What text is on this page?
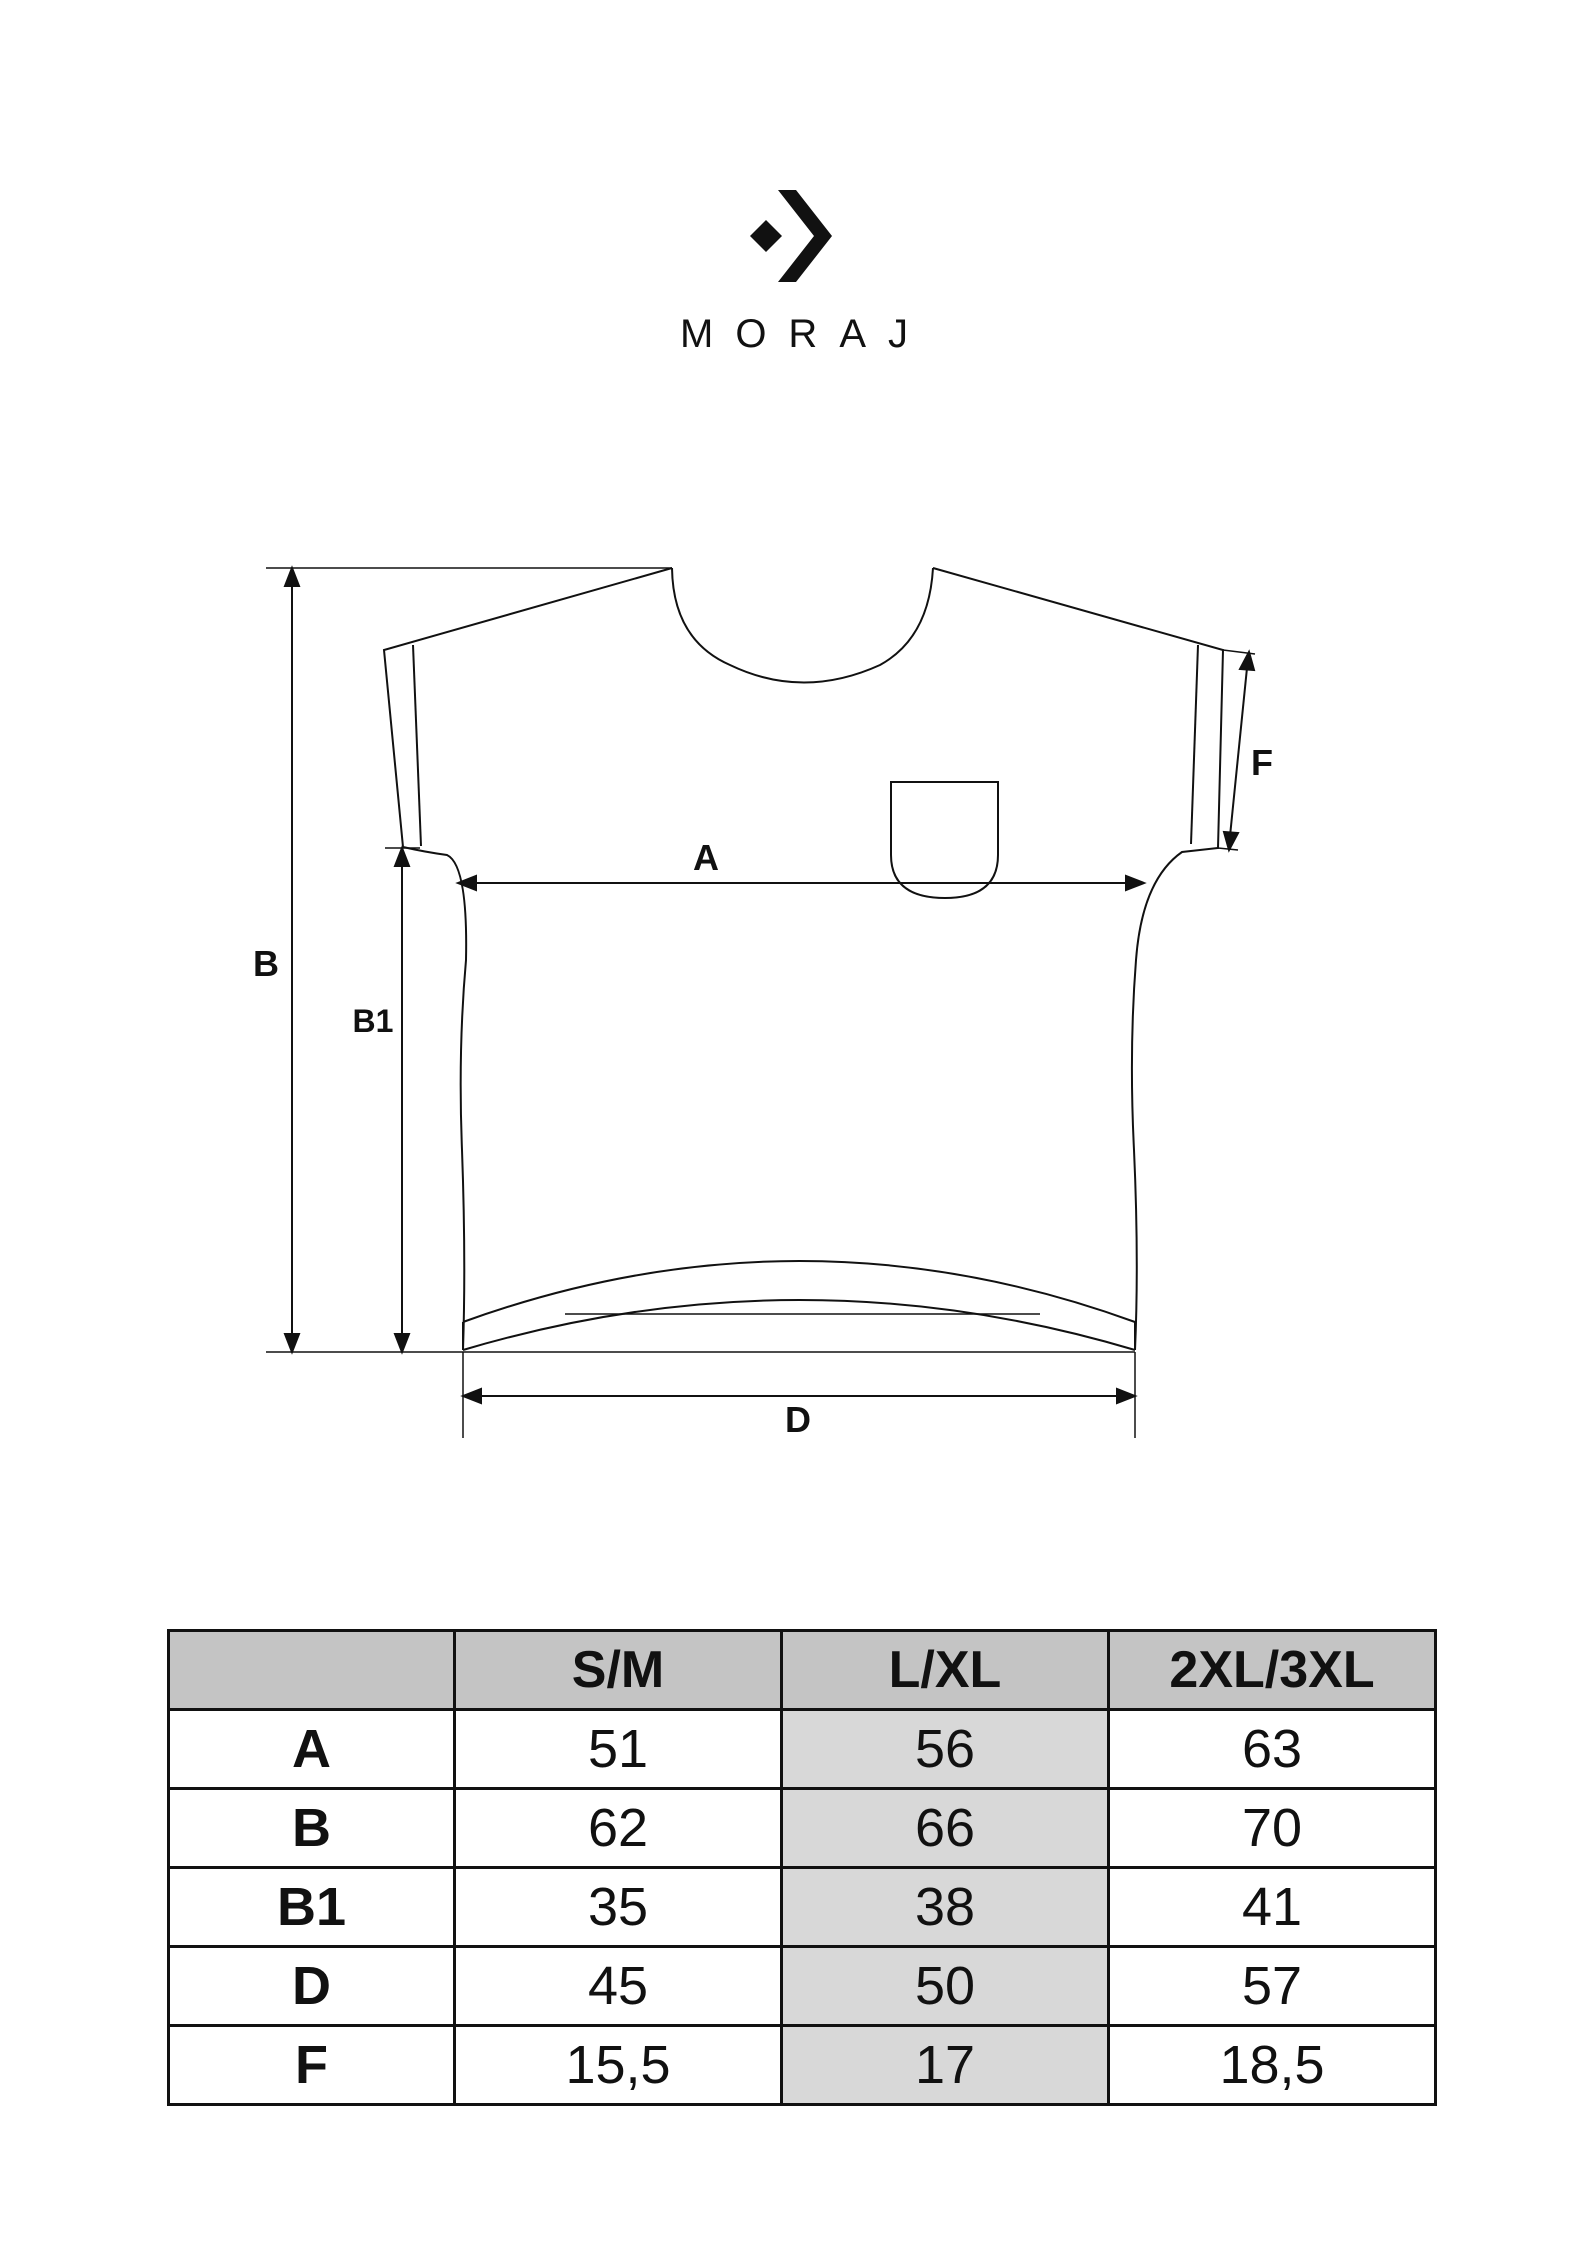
MORAJ
A
B
B1
D
F
	S/M	L/XL	2XL/3XL
A	51	56	63
B	62	66	70
B1	35	38	41
D	45	50	57
F	15,5	17	18,5
